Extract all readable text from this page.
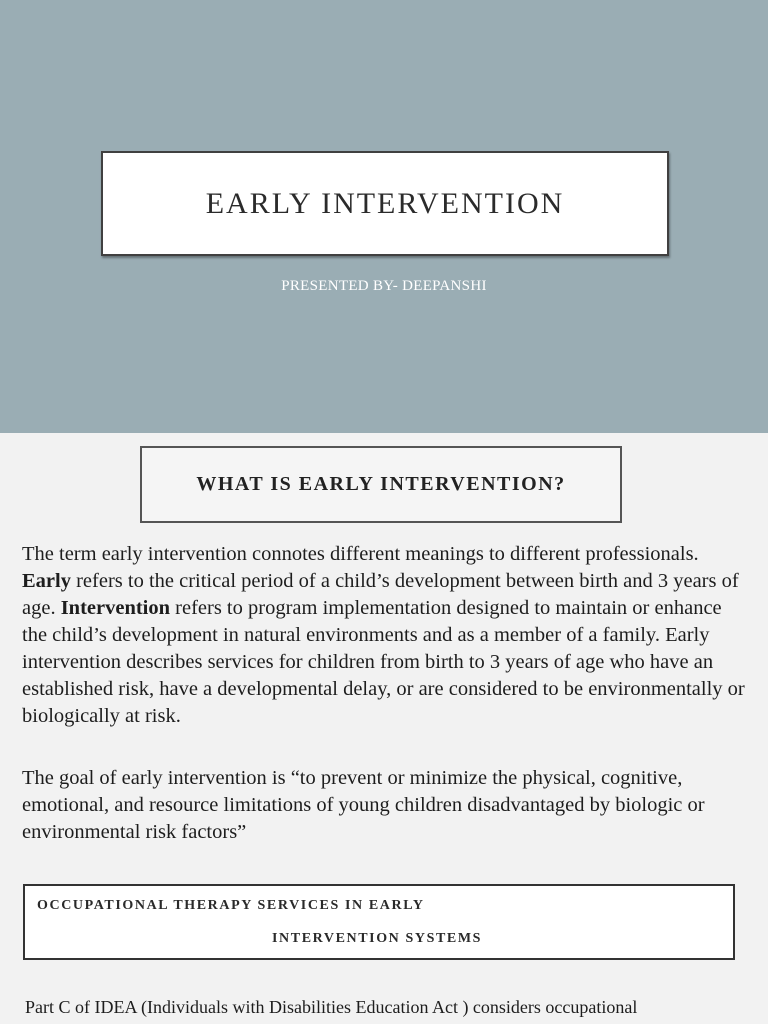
EARLY INTERVENTION
PRESENTED BY- DEEPANSHI
WHAT IS EARLY INTERVENTION?

The term early intervention connotes different meanings to different professionals. Early refers to the critical period of a child’s development between birth and 3 years of age. Intervention refers to program implementation designed to maintain or enhance the child’s development in natural environments and as a member of a family. Early intervention describes services for children from birth to 3 years of age who have an established risk, have a developmental delay, or are considered to be environmentally or biologically at risk.

The goal of early intervention is “to prevent or minimize the physical, cognitive, emotional, and resource limitations of young children disadvantaged by biologic or environmental risk factors”

OCCUPATIONAL THERAPY SERVICES IN EARLY
INTERVENTION SYSTEMS

Part C of IDEA (Individuals with Disabilities Education Act ) considers occupational
